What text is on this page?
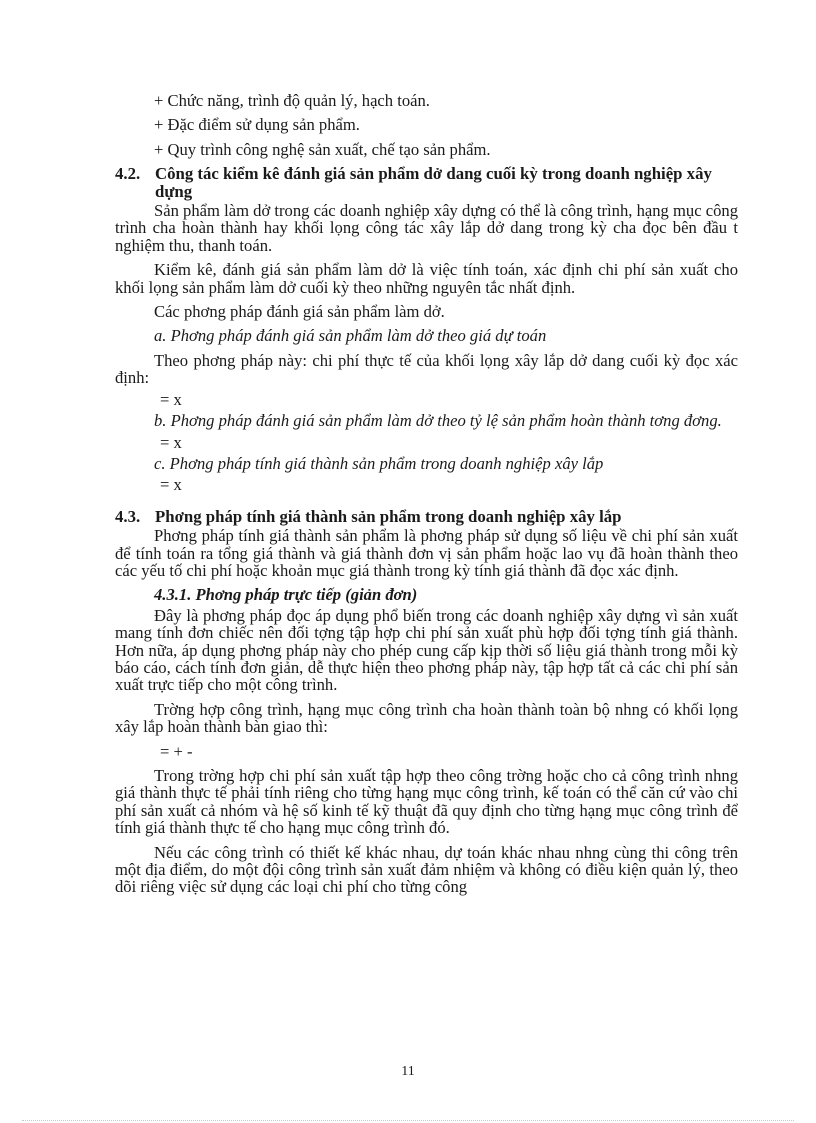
+ Chức năng, trình độ quản lý, hạch toán.

+ Đặc điểm sử dụng sản phẩm.

+ Quy trình công nghệ sản xuất, chế tạo sản phẩm.

4.2. Công tác kiểm kê đánh giá sản phẩm dở dang cuối kỳ trong doanh nghiệp xây dựng

Sản phẩm làm dở trong các doanh nghiệp xây dựng có thể là công trình, hạng mục công trình cha hoàn thành hay khối lọng công tác xây lắp dở dang trong kỳ cha đọc bên đầu t nghiệm thu, thanh toán.

Kiểm kê, đánh giá sản phẩm làm dở là việc tính toán, xác định chi phí sản xuất cho khối lọng sản phẩm làm dở cuối kỳ theo những nguyên tắc nhất định.

Các phơng pháp đánh giá sản phẩm làm dở.

a. Phơng pháp đánh giá sản phẩm làm dở theo giá dự toán

Theo phơng pháp này: chi phí thực tế của khối lọng xây lắp dở dang cuối kỳ đọc xác định:

= x

b. Phơng pháp đánh giá sản phẩm làm dở theo tỷ lệ sản phẩm hoàn thành tơng đơng.

= x

c. Phơng pháp tính giá thành sản phẩm trong doanh nghiệp xây lắp

= x

4.3. Phơng pháp tính giá thành sản phẩm trong doanh nghiệp xây lắp

Phơng pháp tính giá thành sản phẩm là phơng pháp sử dụng số liệu về chi phí sản xuất để tính toán ra tổng giá thành và giá thành đơn vị sản phẩm hoặc lao vụ đã hoàn thành theo các yếu tố chi phí hoặc khoản mục giá thành trong kỳ tính giá thành đã đọc xác định.

4.3.1. Phơng pháp trực tiếp (giản đơn)

Đây là phơng pháp đọc áp dụng phổ biến trong các doanh nghiệp xây dựng vì sản xuất mang tính đơn chiếc nên đối tợng tập hợp chi phí sản xuất phù hợp đối tợng tính giá thành. Hơn nữa, áp dụng phơng pháp này cho phép cung cấp kịp thời số liệu giá thành trong mỗi kỳ báo cáo, cách tính đơn giản, dễ thực hiện theo phơng pháp này, tập hợp tất cả các chi phí sản xuất trực tiếp cho một công trình.

Trờng hợp công trình, hạng mục công trình cha hoàn thành toàn bộ nhng có khối lọng xây lắp hoàn thành bàn giao thì:

= + -

Trong trờng hợp chi phí sản xuất tập hợp theo công trờng hoặc cho cả công trình nhng giá thành thực tế phải tính riêng cho từng hạng mục công trình, kế toán có thể căn cứ vào chi phí sản xuất cả nhóm và hệ số kinh tế kỹ thuật đã quy định cho từng hạng mục công trình để tính giá thành thực tế cho hạng mục công trình đó.

Nếu các công trình có thiết kế khác nhau, dự toán khác nhau nhng cùng thi công trên một địa điểm, do một đội công trình sản xuất đảm nhiệm và không có điều kiện quản lý, theo dõi riêng việc sử dụng các loại chi phí cho từng công

11
